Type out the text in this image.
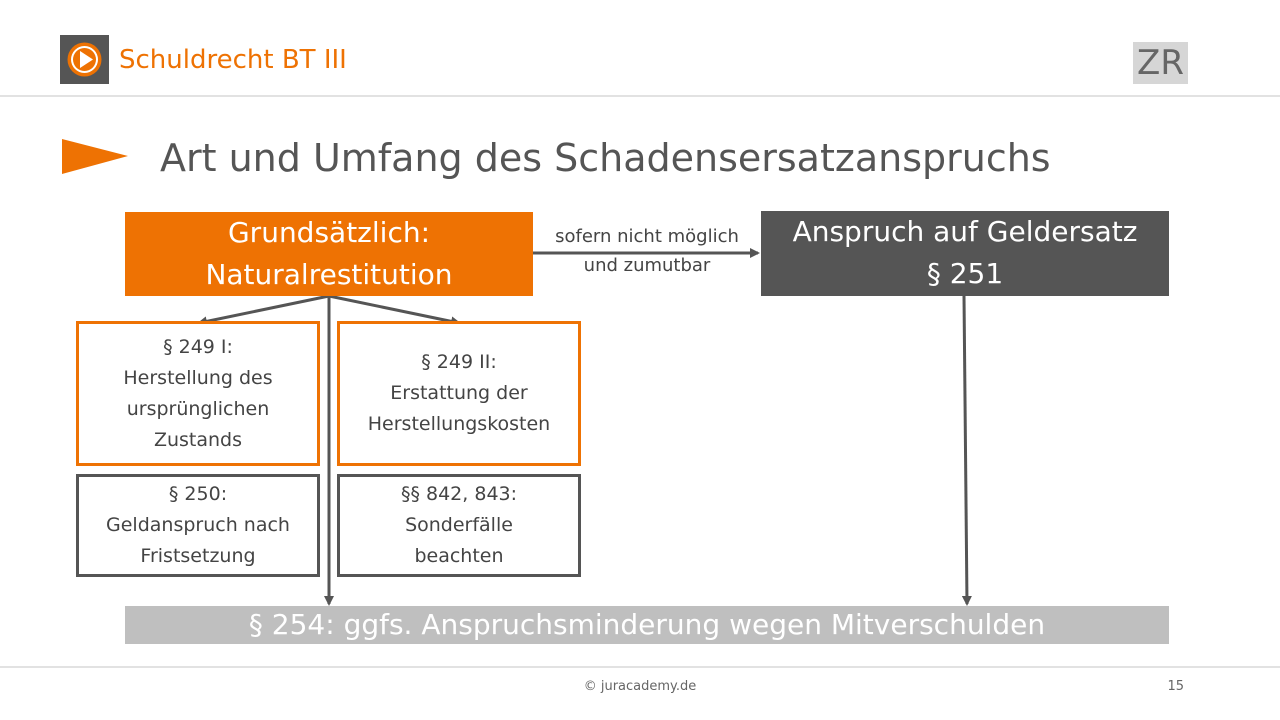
Schuldrecht BT III	ZR
Art und Umfang des Schadensersatzanspruchs
Grundsätzlich:
Naturalrestitution
sofern nicht möglich
und zumutbar
Anspruch auf Geldersatz
§ 251
§ 249 I:
Herstellung des
ursprünglichen
Zustands
§ 249 II:
Erstattung der
Herstellungskosten
§ 250:
Geldanspruch nach
Fristsetzung
§§ 842, 843:
Sonderfälle
beachten
§ 254: ggfs. Anspruchsminderung wegen Mitverschulden
© juracademy.de	15
